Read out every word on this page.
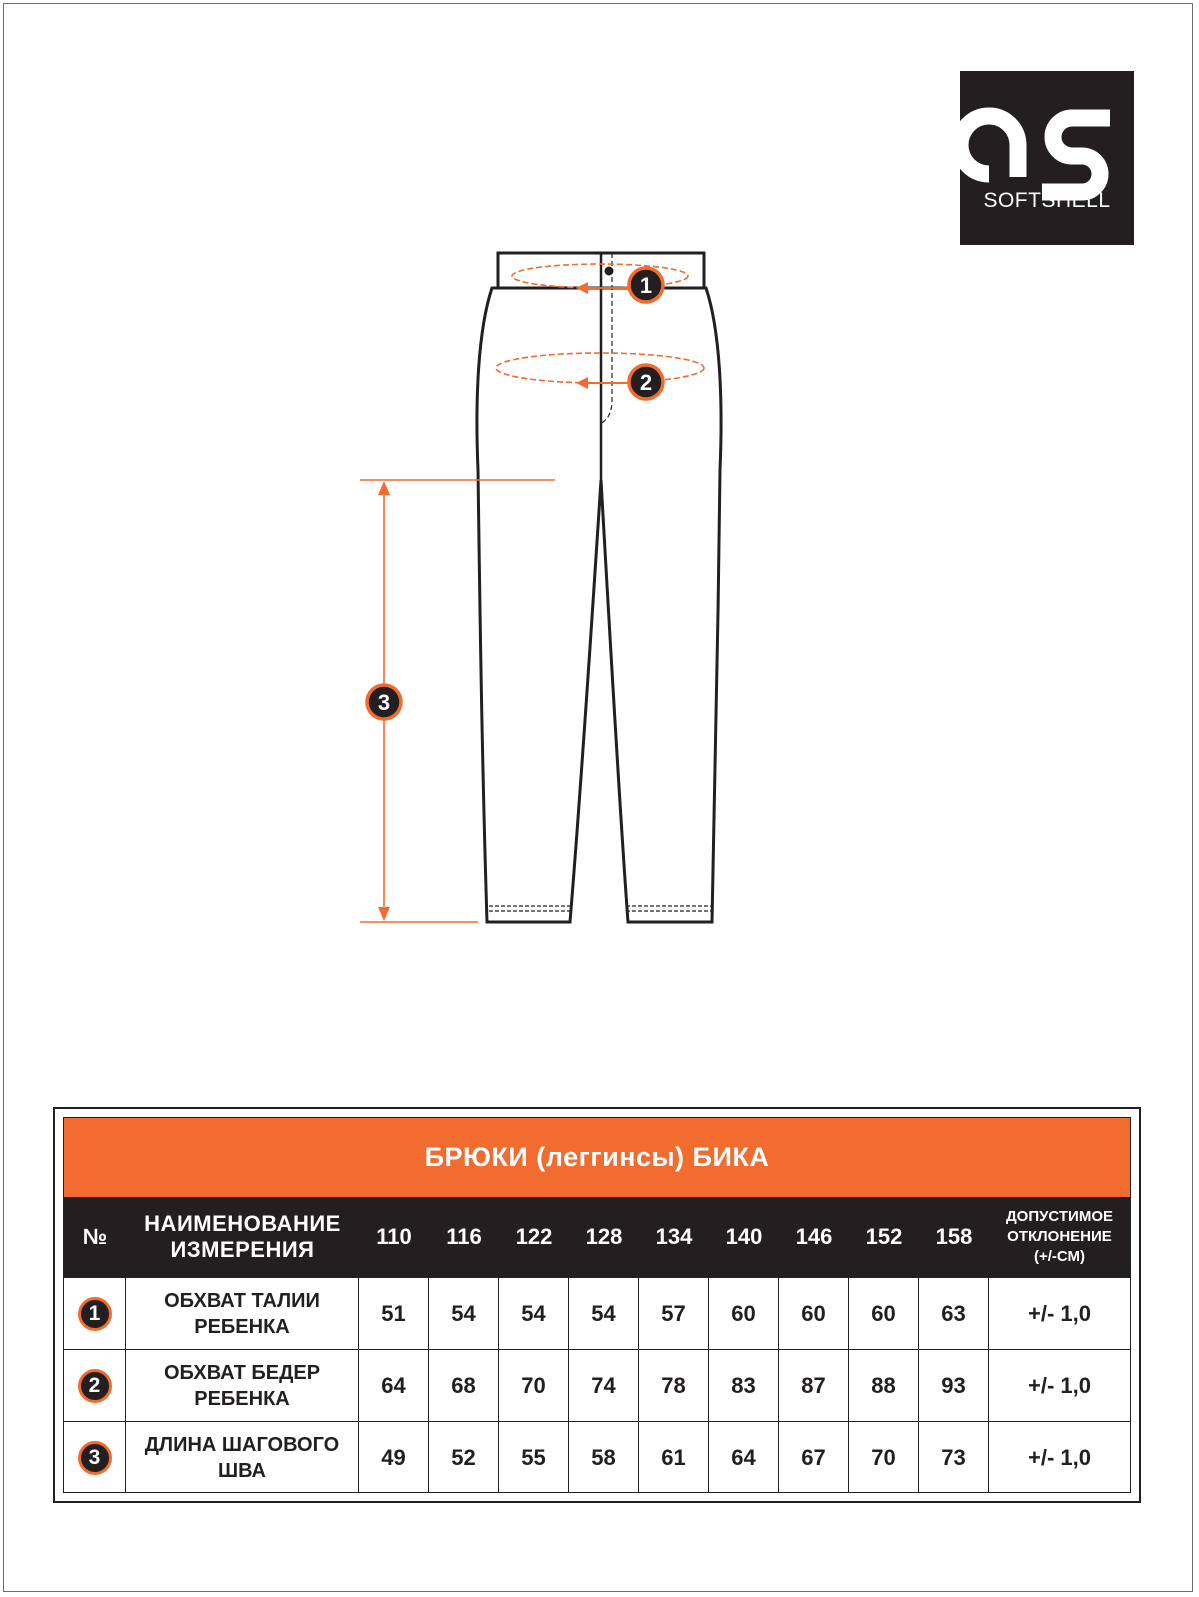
SOFTSHELL
1
2
3
БРЮКИ (леггинсы) БИКА
№
НАИМЕНОВАНИЕ
ИЗМЕРЕНИЯ
110	116	122	128	134	140	146	152	158
ДОПУСТИМОЕ
ОТКЛОНЕНИЕ
(+/-СМ)
1
ОБХВАТ ТАЛИИ
РЕБЕНКА
51	54	54	54	57	60	60	60	63	+/- 1,0
2
ОБХВАТ БЕДЕР
РЕБЕНКА
64	68	70	74	78	83	87	88	93	+/- 1,0
3
ДЛИНА ШАГОВОГО
ШВА
49	52	55	58	61	64	67	70	73	+/- 1,0
